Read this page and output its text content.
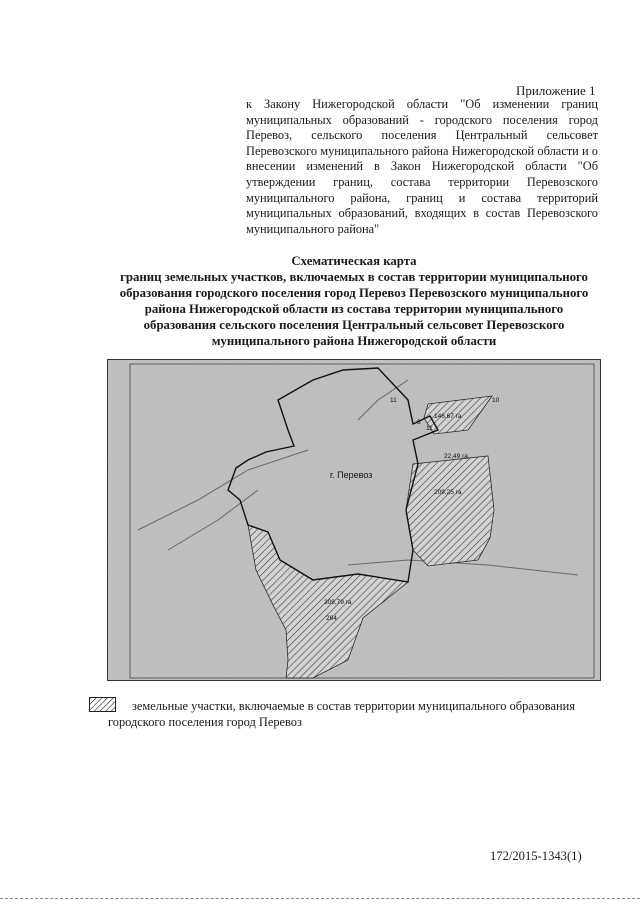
Приложение 1
к Закону Нижегородской области "Об изменении границ муниципальных образований - городского поселения город Перевоз, сельского поселения Центральный сельсовет Перевозского муниципального района Нижегородской области и о внесении изменений в Закон Нижегородской области "Об утверждении границ, состава территории Перевозского муниципального района, границ и состава территорий муниципальных образований, входящих в состав Перевозского муниципального района"
Схематическая карта
границ земельных участков, включаемых в состав территории муниципального
образования городского поселения город Перевоз Перевозского муниципального
района Нижегородской области из состава территории муниципального
образования сельского поселения Центральный сельсовет Перевозского
муниципального района Нижегородской области
г. Перевоз
11	10
3
146,67 га
11
22,49 га
209,25 га
309,79 га
264
земельные участки, включаемые в состав территории муниципального образования городского поселения город Перевоз
172/2015-1343(1)
